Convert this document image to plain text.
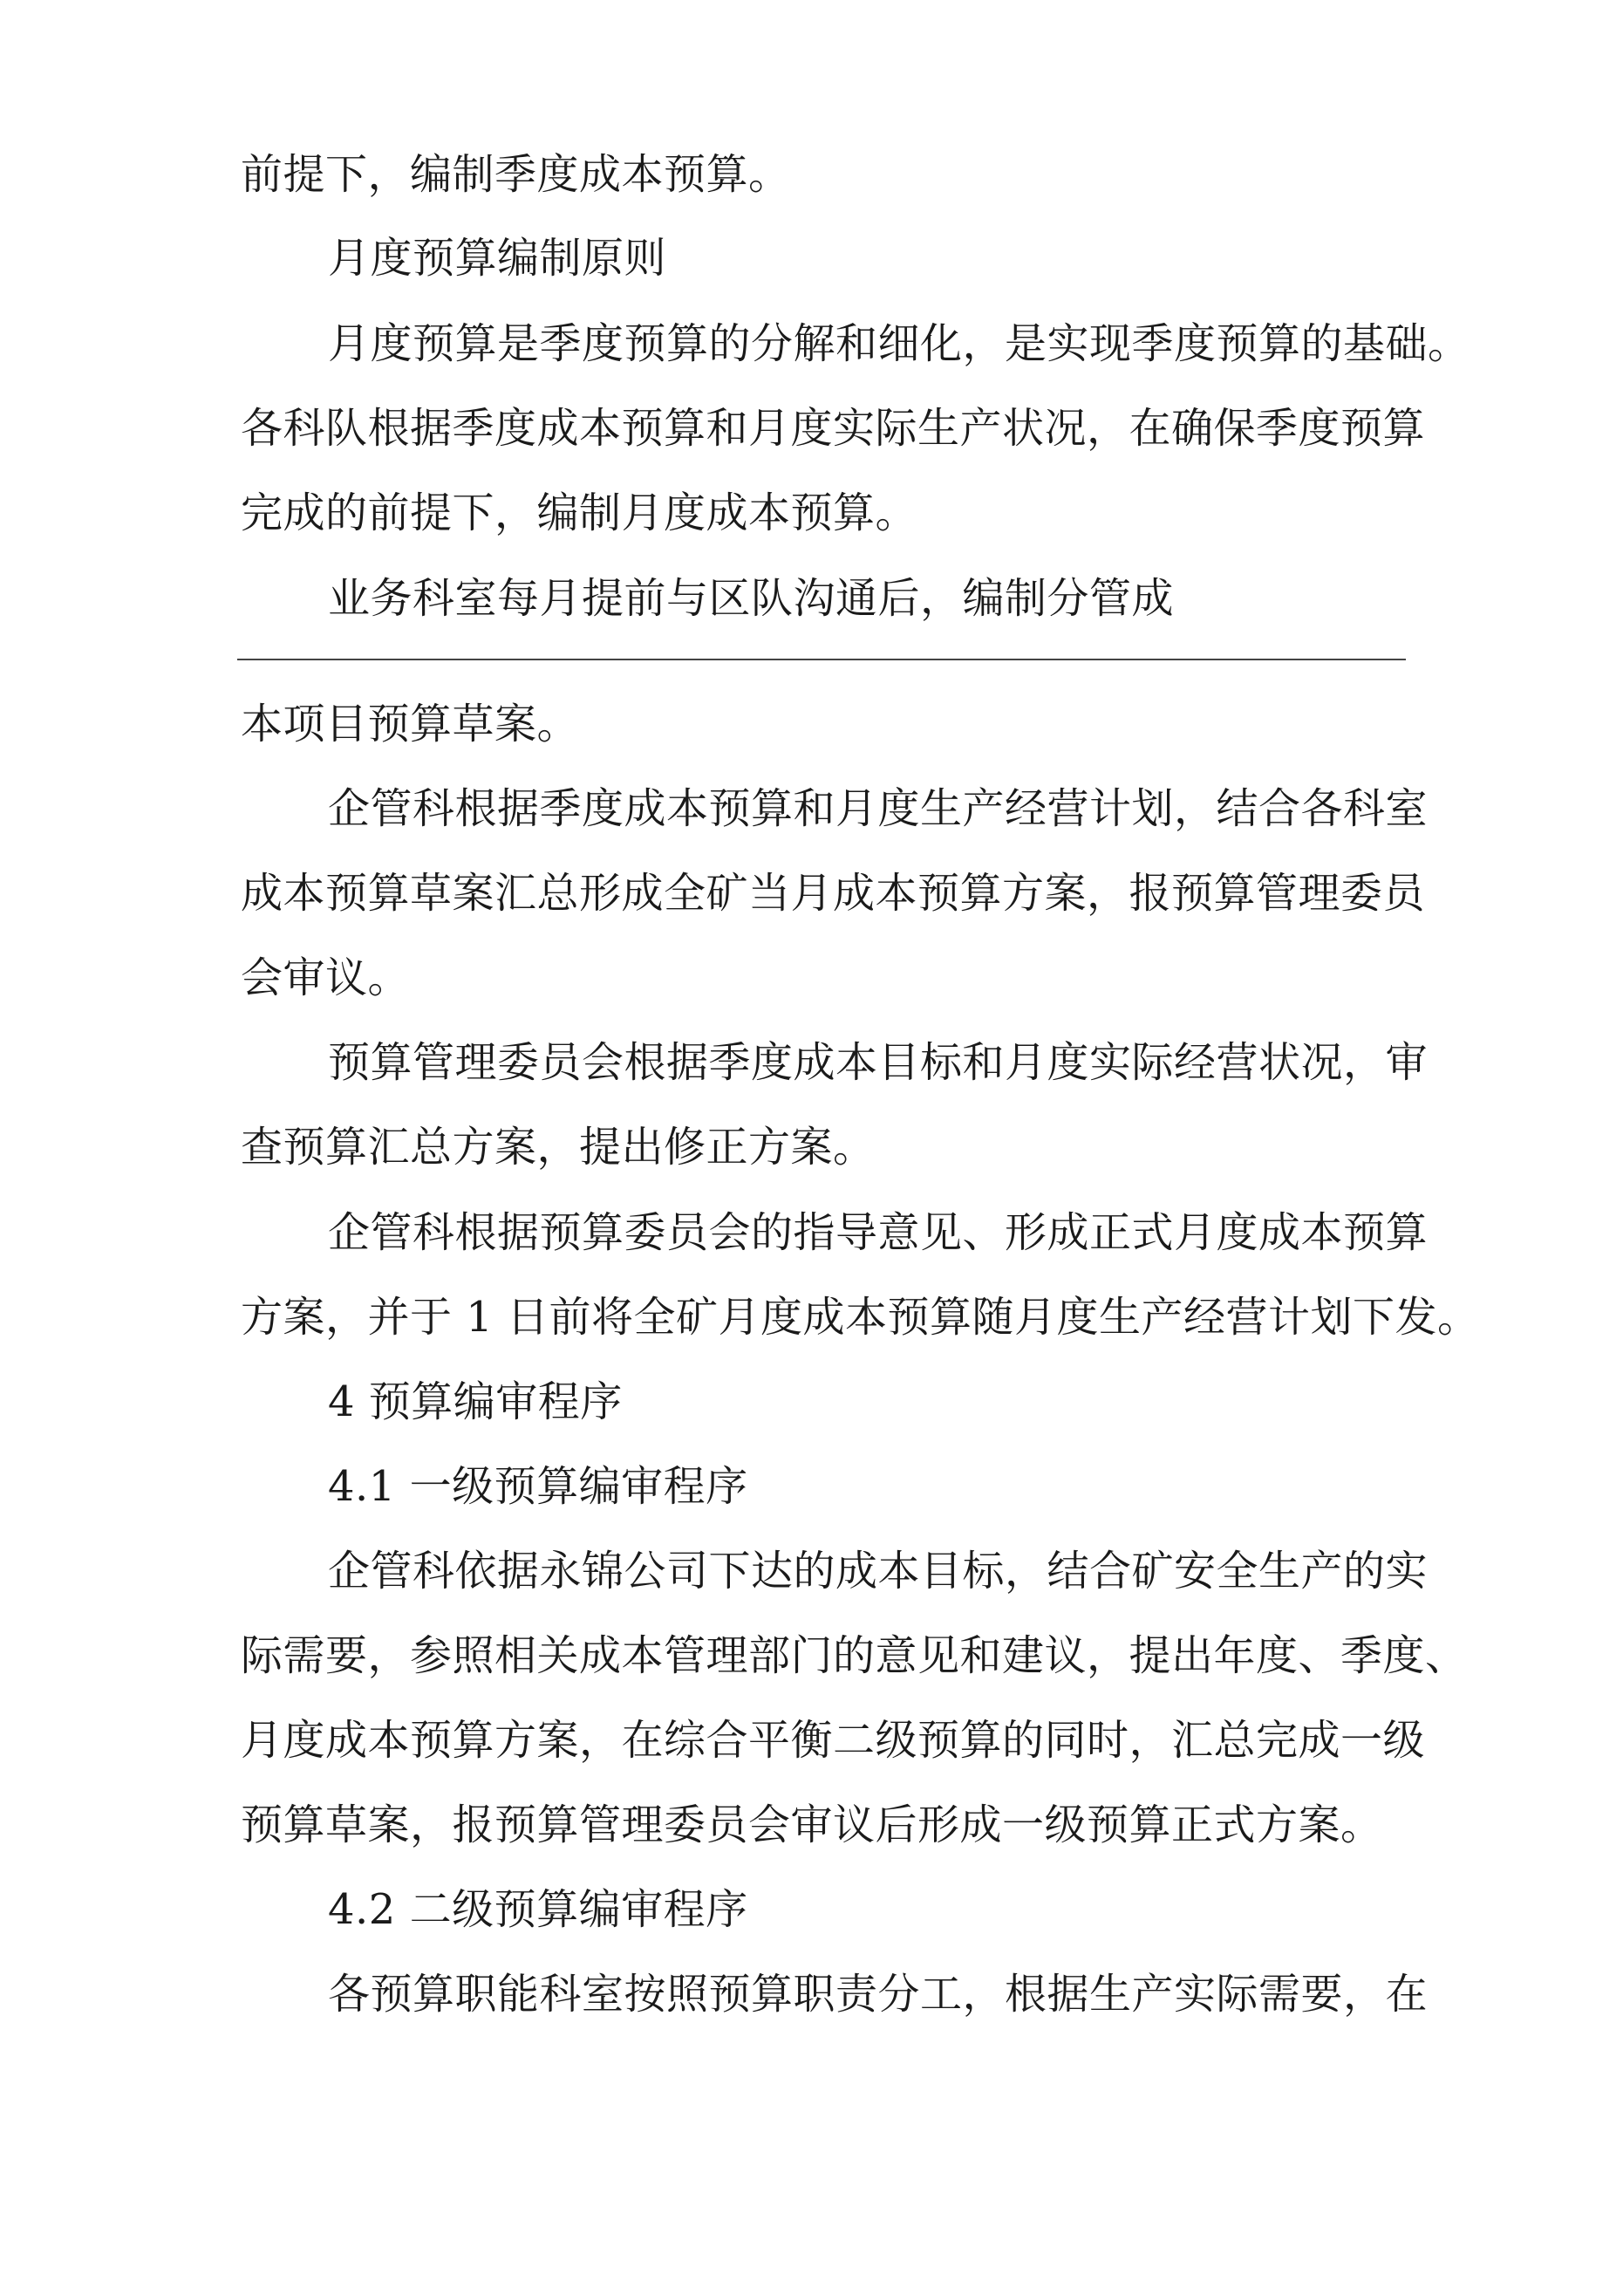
前提下，编制季度成本预算。
月度预算编制原则
月度预算是季度预算的分解和细化，是实现季度预算的基础。
各科队根据季度成本预算和月度实际生产状况，在确保季度预算
完成的前提下，编制月度成本预算。
业务科室每月提前与区队沟通后，编制分管成
本项目预算草案。
企管科根据季度成本预算和月度生产经营计划，结合各科室
成本预算草案汇总形成全矿当月成本预算方案，报预算管理委员
会审议。
预算管理委员会根据季度成本目标和月度实际经营状况，审
查预算汇总方案，提出修正方案。
企管科根据预算委员会的指导意见、形成正式月度成本预算
方案，并于 1 日前将全矿月度成本预算随月度生产经营计划下发。
4 预算编审程序
4.1 一级预算编审程序
企管科依据永锦公司下达的成本目标，结合矿安全生产的实
际需要，参照相关成本管理部门的意见和建议，提出年度、季度、
月度成本预算方案，在综合平衡二级预算的同时，汇总完成一级
预算草案，报预算管理委员会审议后形成一级预算正式方案。
4.2 二级预算编审程序
各预算职能科室按照预算职责分工，根据生产实际需要，在
